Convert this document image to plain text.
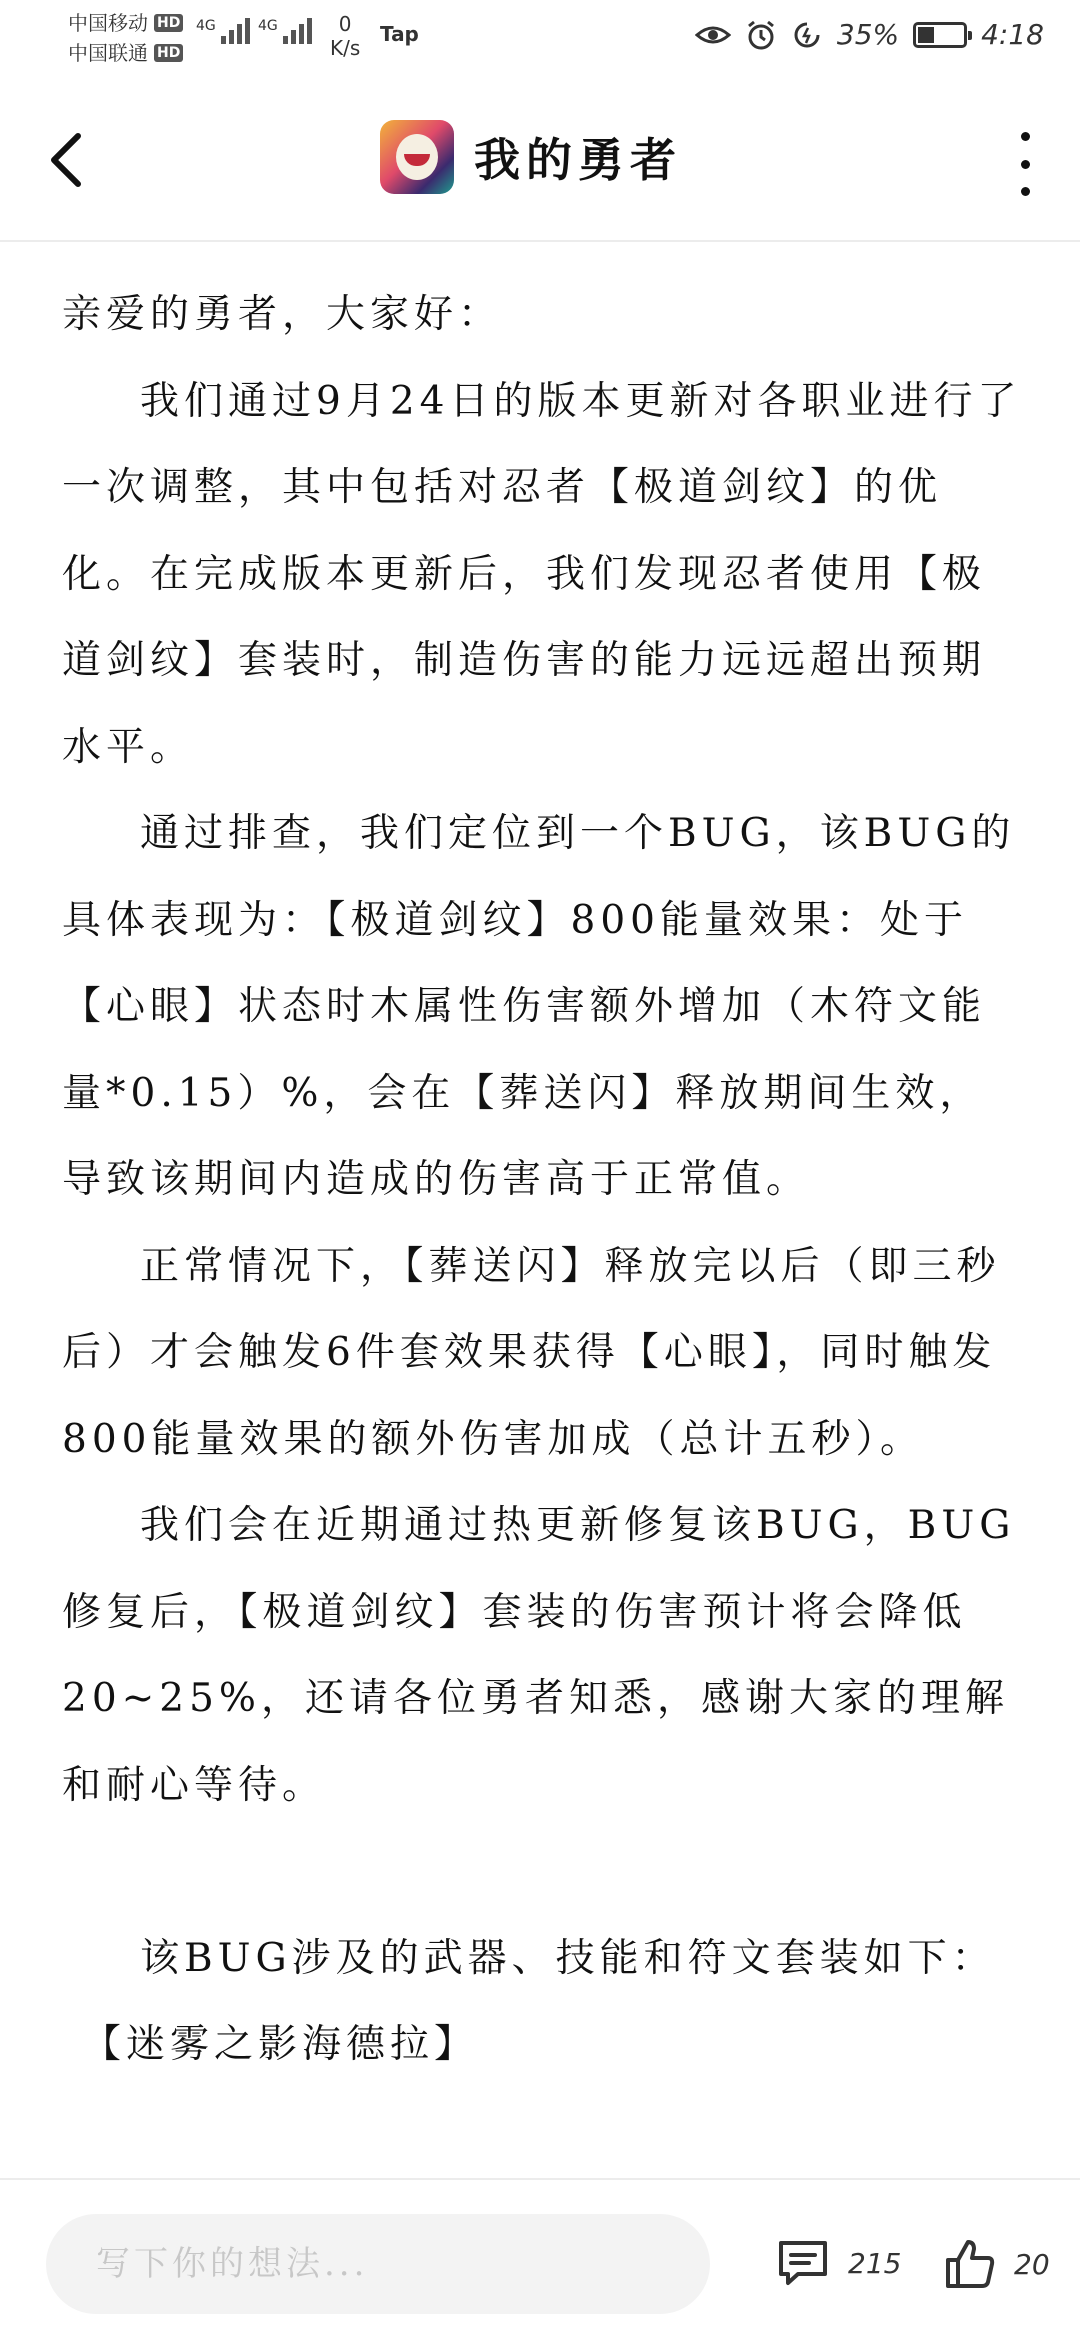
中国移动 HD
中国联通 HD
4G	4G	0
K/s
Tap	35%	4:18
我的勇者

亲爱的勇者，大家好：

我们通过9月24日的版本更新对各职业进行了一次调整，其中包括对忍者【极道剑纹】的优化。在完成版本更新后，我们发现忍者使用【极道剑纹】套装时，制造伤害的能力远远超出预期水平。

通过排查，我们定位到一个BUG，该BUG的具体表现为：【极道剑纹】800能量效果：处于【心眼】状态时木属性伤害额外增加（木符文能量*0.15）%，会在【葬送闪】释放期间生效，导致该期间内造成的伤害高于正常值。

正常情况下，【葬送闪】释放完以后（即三秒后）才会触发6件套效果获得【心眼】，同时触发800能量效果的额外伤害加成（总计五秒）。

我们会在近期通过热更新修复该BUG，BUG修复后，【极道剑纹】套装的伤害预计将会降低20~25%，还请各位勇者知悉，感谢大家的理解和耐心等待。

该BUG涉及的武器、技能和符文套装如下：

【迷雾之影海德拉】

写下你的想法...
215	20
